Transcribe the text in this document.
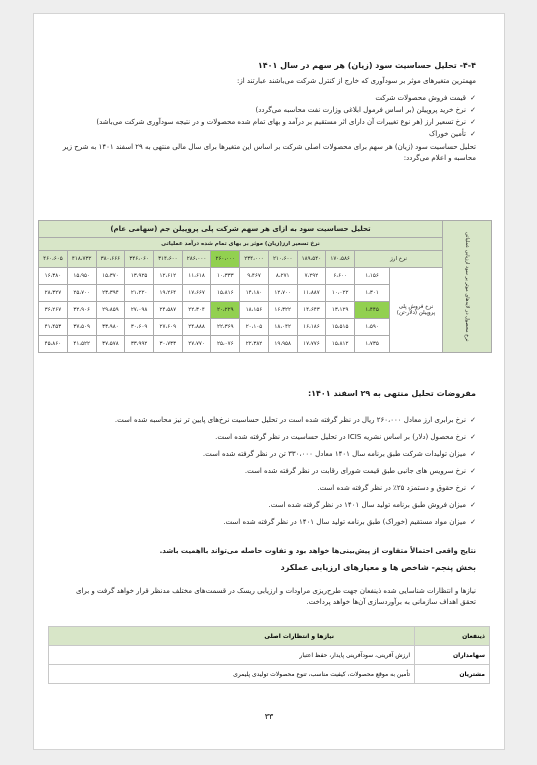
۴-۴- تحلیل حساسیت سود (زیان) هر سهم در سال ۱۴۰۱
مهمترین متغیرهای موثر بر سودآوری که خارج از کنترل شرکت می‌باشند عبارتند از:
✓ قیمت فروش محصولات شرکت
✓ نرخ خرید پروپیلن (بر اساس فرمول ابلاغی وزارت نفت محاسبه می‌گردد)
✓ نرخ تسعیر ارز (هر نوع تغییرات آن دارای اثر مستقیم بر درآمد و بهای تمام شده محصولات و در نتیجه سودآوری شرکت می‌باشد)
✓ تأمین خوراک
تحلیل حساسیت سود (زیان) هر سهم برای محصولات اصلی شرکت بر اساس این متغیرها برای سال مالی منتهی به ۲۹ اسفند ۱۴۰۱ به شرح زیر محاسبه و اعلام می‌گردد:
نرخ محصول در لایه‌های موثر بر سود ارزیابی عملیاتی	تحلیل حساسیت سود به ازای هر سهم شرکت پلی پروپیلن جم (سهامی عام)												
	نرخ تسعیر ارز(زیان) موثر بر بهای تمام شده درآمد عملیاتی												
	نرخ ارز		۱۷۰،۵۸۶	۱۸۹،۵۴۰	۲۱۰،۶۰۰	۲۳۴،۰۰۰	۲۶۰،۰۰۰	۲۸۶،۰۰۰	۳۱۴،۶۰۰	۳۴۶،۰۶۰	۳۸۰،۶۶۶	۴۱۸،۷۳۲	۴۶۰،۶۰۵
	نرخ فروش پلی پروپیلن (دلار-تن)	۱،۱۵۶	۶،۶۰۰	۷،۲۹۲	۸،۲۷۱	۹،۴۶۷	۱۰،۳۳۳	۱۱،۶۱۸	۱۲،۶۱۲	۱۳،۹۲۵	۱۵،۳۷۰	۱۵،۹۵۰	۱۶،۳۸۰
		۱،۳۰۱	۱۰،۰۲۲	۱۱،۸۸۷	۱۲،۷۰۰	۱۴،۱۸۰	۱۵،۸۱۶	۱۷،۶۶۷	۱۹،۲۶۴	۲۱،۲۲۰	۲۳،۳۹۴	۲۵،۷۰۰	۲۸،۳۲۷
		۱،۴۴۵	۱۳،۱۲۹	۱۴،۶۴۳	۱۶،۳۲۲	۱۸،۱۵۶	۲۰،۲۲۹	۲۲،۳۰۴	۲۴،۵۸۷	۲۷،۰۹۸	۲۹،۸۵۹	۳۲،۹۰۶	۳۶،۲۶۷
		۱،۵۹۰	۱۵،۵۱۵	۱۶،۱۸۶	۱۸،۰۴۲	۲۰،۱۰۵	۲۲،۳۶۹	۲۴،۸۸۸	۲۷،۶۰۹	۳۰،۶۰۹	۳۳،۹۸۰	۳۷،۵۰۹	۴۱،۴۵۳
		۱،۷۳۵	۱۵،۸۱۲	۱۷،۷۷۶	۱۹،۹۵۸	۲۲،۳۸۲	۲۵،۰۷۶	۲۷،۷۷۰	۳۰،۷۳۳	۳۳،۹۹۲	۳۷،۵۷۸	۴۱،۵۲۲	۴۵،۸۶۰
مفروضات تحلیل منتهی به ۲۹ اسفند ۱۴۰۱:
✓ نرخ برابری ارز معادل ۲۶۰،۰۰۰ ریال در نظر گرفته شده است در تحلیل حساسیت نرخ‌های پایین تر نیز محاسبه شده است.
✓ نرخ محصول (دلار) بر اساس نشریه ICIS در تحلیل حساسیت در نظر گرفته شده است.
✓ میزان تولیدات شرکت طبق برنامه سال ۱۴۰۱ معادل ۳۳۰،۰۰۰ تن در نظر گرفته شده است.
✓ نرخ سرویس های جانبی طبق قیمت شورای رقابت در نظر گرفته شده است.
✓ نرخ حقوق و دستمزد ۲۵٪ در نظر گرفته شده است.
✓ میزان فروش طبق برنامه تولید سال ۱۴۰۱ در نظر گرفته شده است.
✓ میزان مواد مستقیم (خوراک) طبق برنامه تولید سال ۱۴۰۱ در نظر گرفته شده است.
نتایج واقعی احتمالاً متفاوت از پیش‌بینی‌ها خواهد بود و تفاوت حاصله می‌تواند بااهمیت باشد.
بخش پنجم- شاخص ها و معیارهای ارزیابی عملکرد
نیازها و انتظارات شناسایی شده ذینفعان جهت طرح‌ریزی مراودات و ارزیابی ریسک در قسمت‌های مختلف مدنظر قرار خواهد گرفت و برای تحقق اهداف سازمانی به برآوردسازی آن‌ها خواهد پرداخت.
ذینفعان	نیازها و انتظارات اصلی
سهامداران	ارزش آفرینی، سودآفرینی پایدار، حفظ اعتبار
مشتریان	تأمین به موقع محصولات، کیفیت مناسب، تنوع محصولات تولیدی پلیمری
۳۳
